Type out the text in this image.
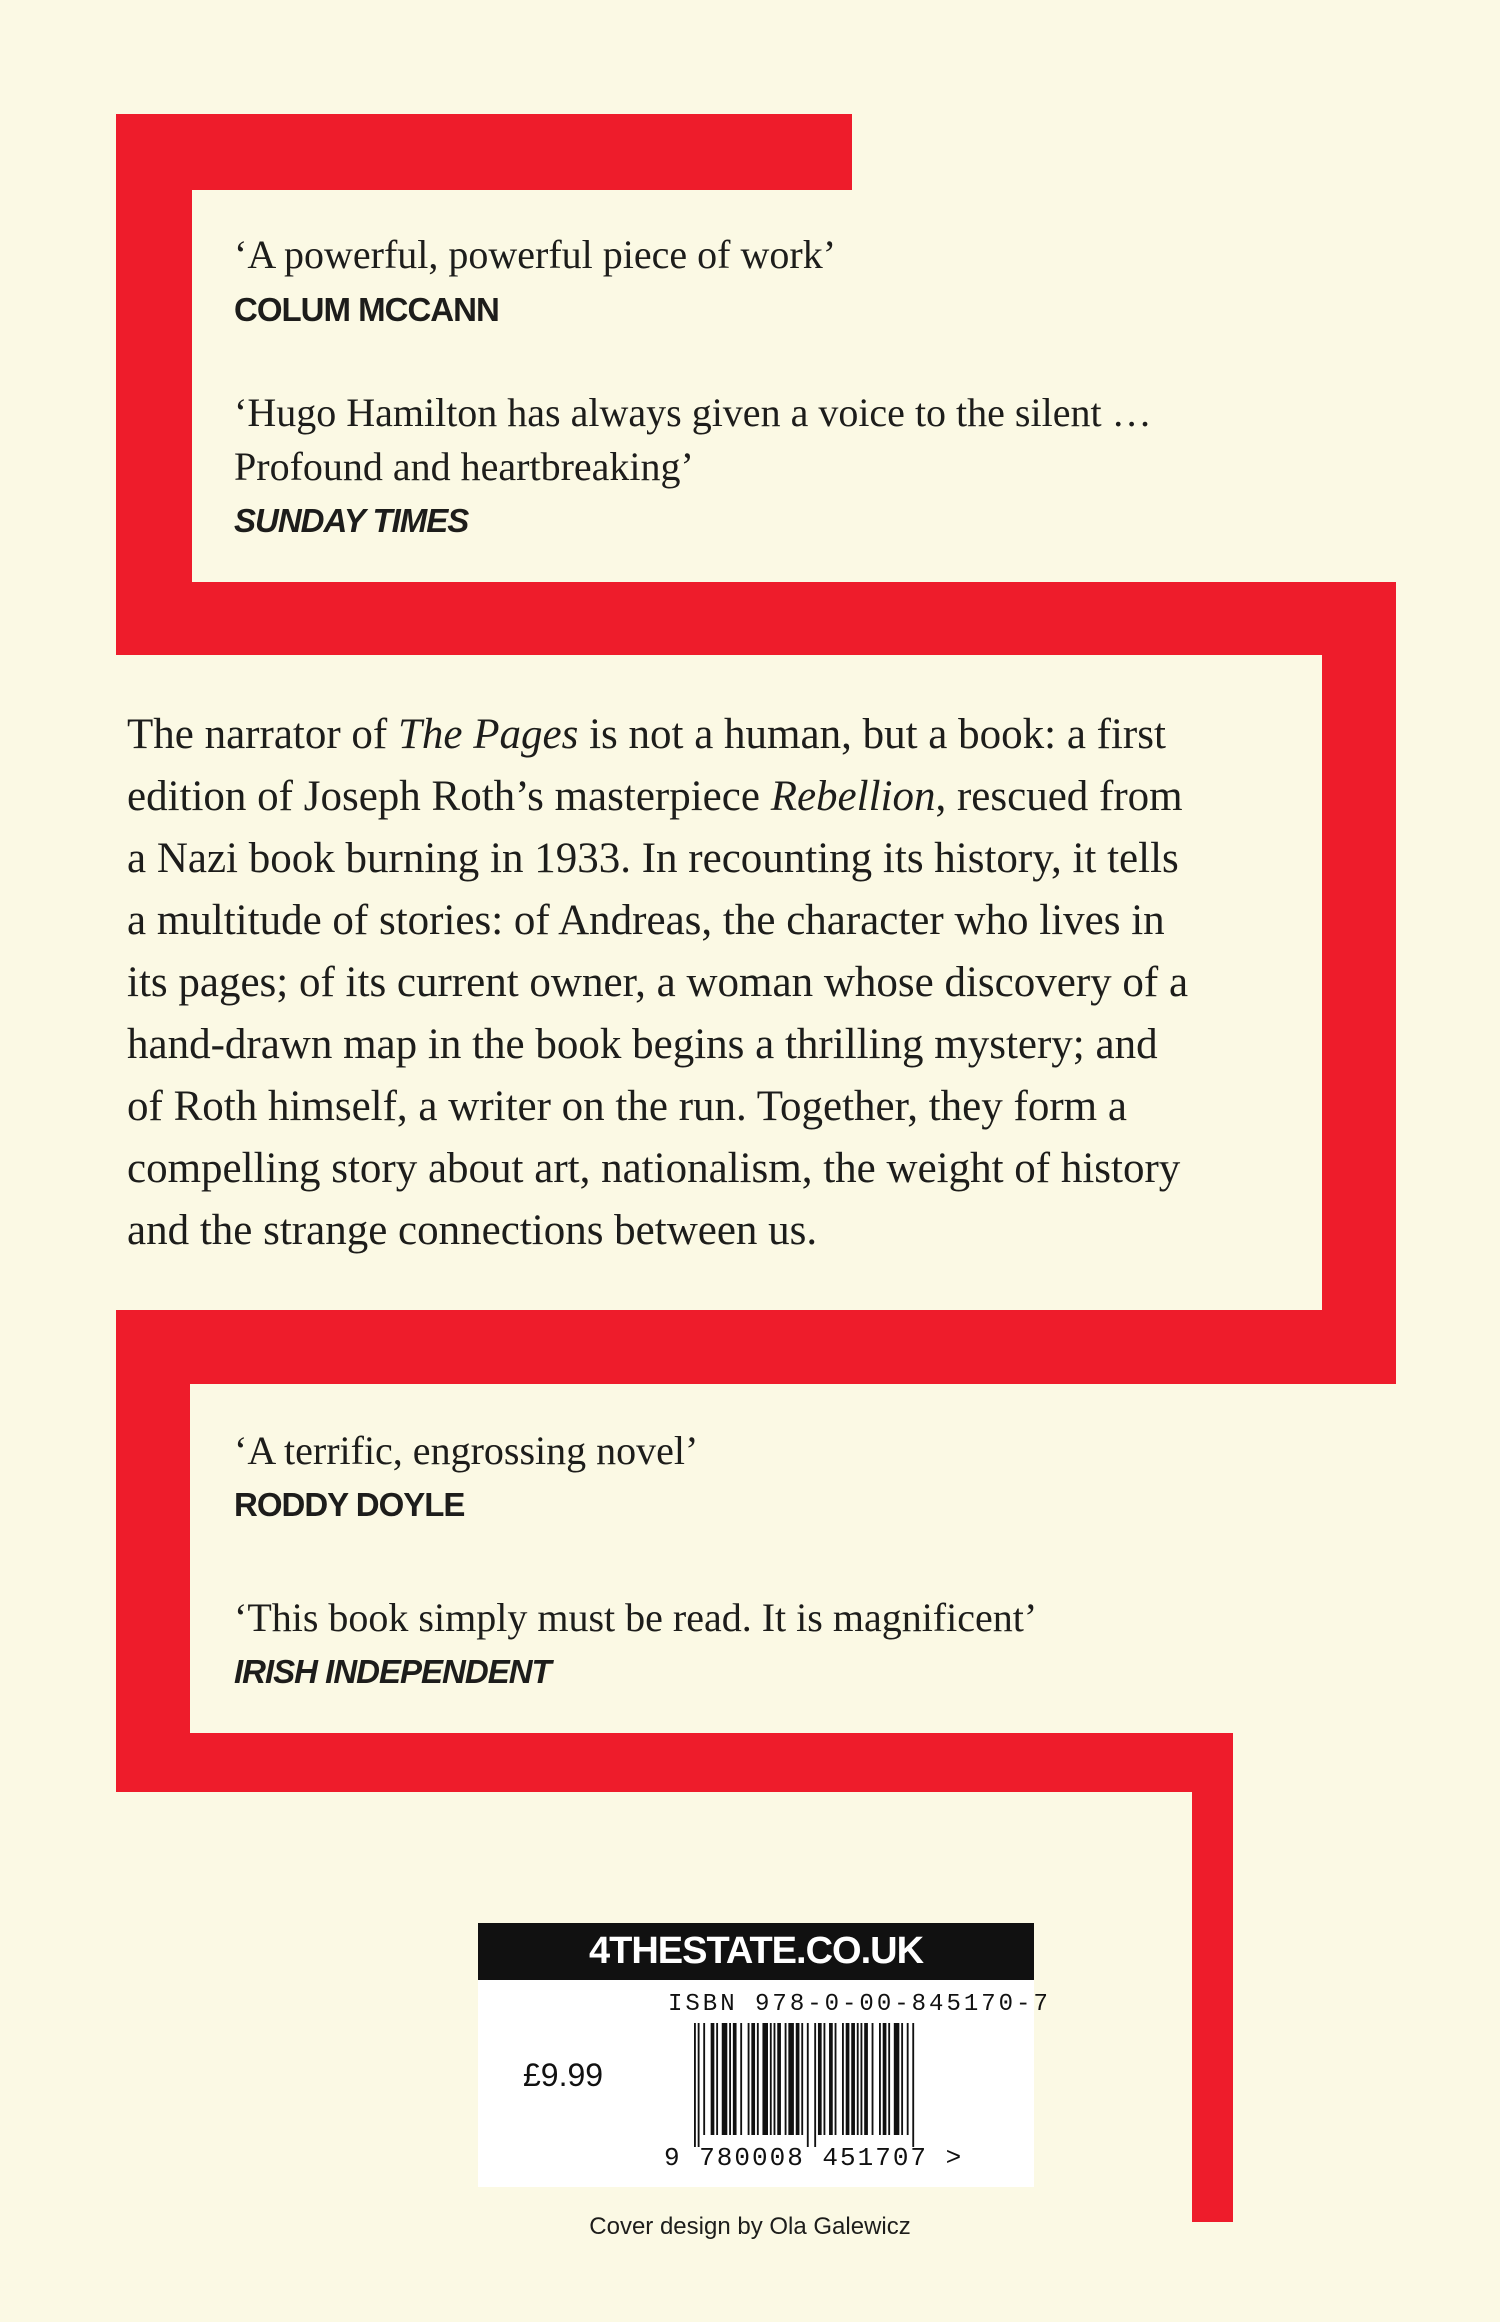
‘A powerful, powerful piece of work’

COLUM MCCANN

‘Hugo Hamilton has always given a voice to the silent …

Profound and heartbreaking’

SUNDAY TIMES

The narrator of The Pages is not a human, but a book: a first
edition of Joseph Roth’s masterpiece Rebellion, rescued from
a Nazi book burning in 1933. In recounting its history, it tells
a multitude of stories: of Andreas, the character who lives in
its pages; of its current owner, a woman whose discovery of a
hand-drawn map in the book begins a thrilling mystery; and
of Roth himself, a writer on the run. Together, they form a
compelling story about art, nationalism, the weight of history
and the strange connections between us.

‘A terrific, engrossing novel’

RODDY DOYLE

‘This book simply must be read. It is magnificent’

IRISH INDEPENDENT

4THESTATE.CO.UK
ISBN 978-0-00-845170-7
£9.99
9 780008 451707 >
Cover design by Ola Galewicz
